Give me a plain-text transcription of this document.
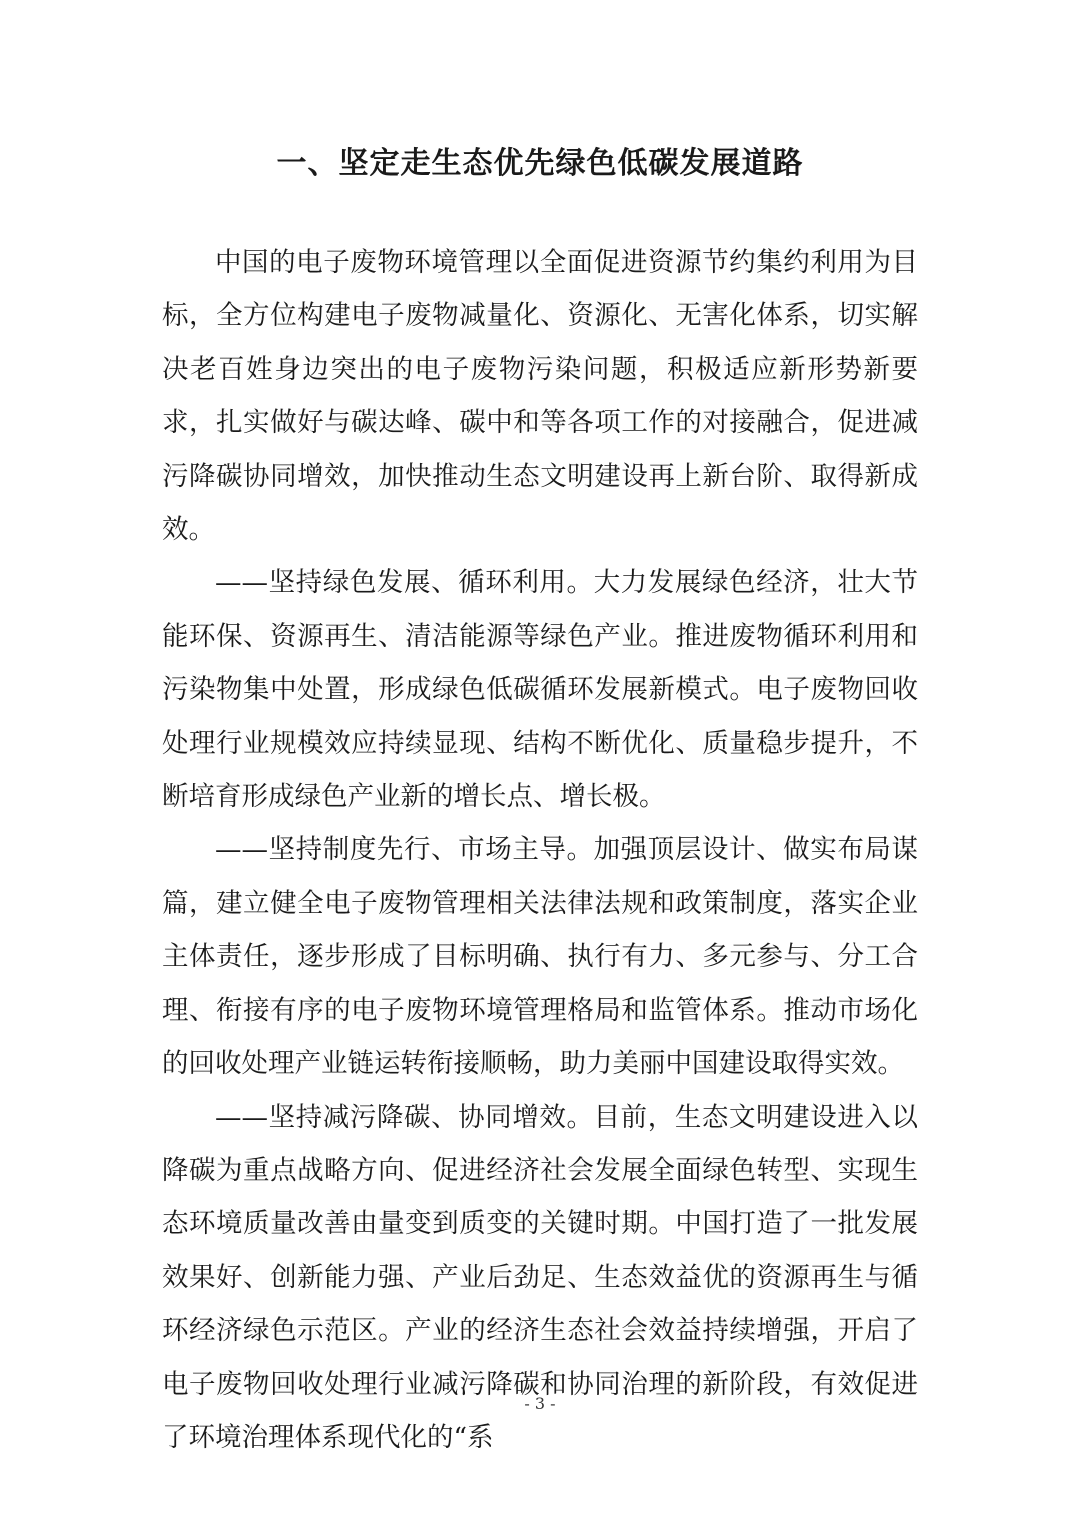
一、坚定走生态优先绿色低碳发展道路

中国的电子废物环境管理以全面促进资源节约集约利用为目标，全方位构建电子废物减量化、资源化、无害化体系，切实解决老百姓身边突出的电子废物污染问题，积极适应新形势新要求，扎实做好与碳达峰、碳中和等各项工作的对接融合，促进减污降碳协同增效，加快推动生态文明建设再上新台阶、取得新成效。

——坚持绿色发展、循环利用。大力发展绿色经济，壮大节能环保、资源再生、清洁能源等绿色产业。推进废物循环利用和污染物集中处置，形成绿色低碳循环发展新模式。电子废物回收处理行业规模效应持续显现、结构不断优化、质量稳步提升，不断培育形成绿色产业新的增长点、增长极。

——坚持制度先行、市场主导。加强顶层设计、做实布局谋篇，建立健全电子废物管理相关法律法规和政策制度，落实企业主体责任，逐步形成了目标明确、执行有力、多元参与、分工合理、衔接有序的电子废物环境管理格局和监管体系。推动市场化的回收处理产业链运转衔接顺畅，助力美丽中国建设取得实效。

——坚持减污降碳、协同增效。目前，生态文明建设进入以降碳为重点战略方向、促进经济社会发展全面绿色转型、实现生态环境质量改善由量变到质变的关键时期。中国打造了一批发展效果好、创新能力强、产业后劲足、生态效益优的资源再生与循环经济绿色示范区。产业的经济生态社会效益持续增强，开启了电子废物回收处理行业减污降碳和协同治理的新阶段，有效促进了环境治理体系现代化的“系

- 3 -
